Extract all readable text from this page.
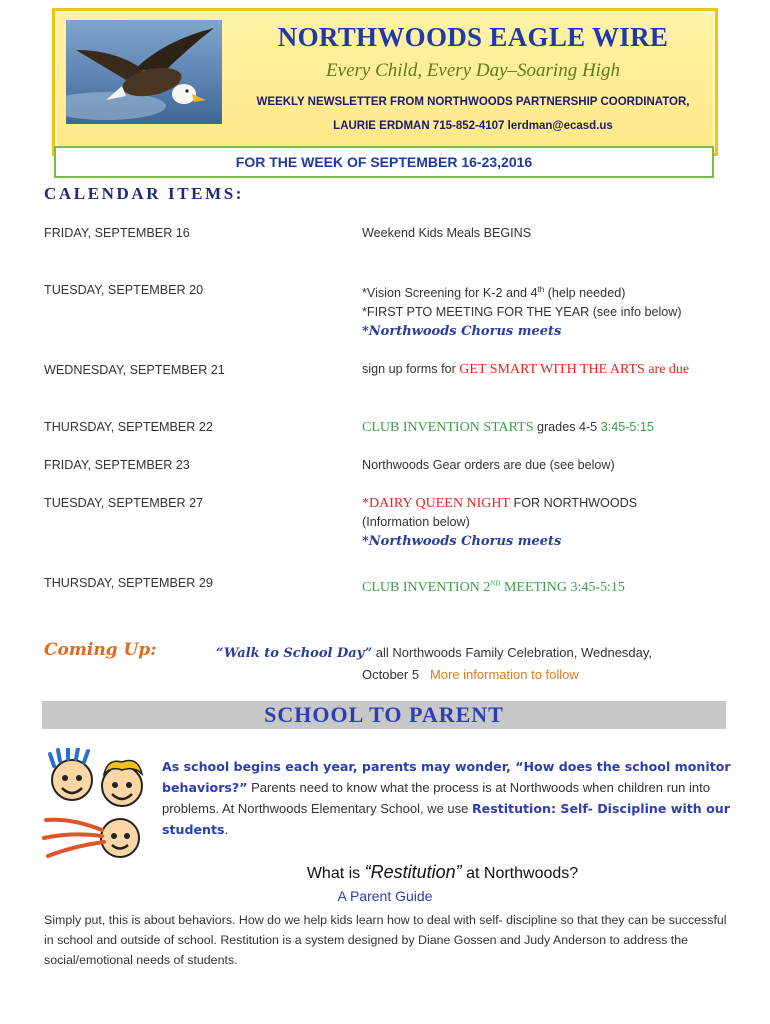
NORTHWOODS EAGLE WIRE
Every Child, Every Day–Soaring High
WEEKLY NEWSLETTER FROM NORTHWOODS PARTNERSHIP COORDINATOR,
LAURIE ERDMAN 715-852-4107 lerdman@ecasd.us
FOR THE WEEK OF SEPTEMBER 16-23,2016
CALENDAR ITEMS:
FRIDAY, SEPTEMBER 16	Weekend Kids Meals BEGINS
TUESDAY, SEPTEMBER 20	*Vision Screening for K-2 and 4th (help needed)
*FIRST PTO MEETING FOR THE YEAR (see info below)
*Northwoods Chorus meets
WEDNESDAY, SEPTEMBER 21	sign up forms for GET SMART WITH THE ARTS are due
THURSDAY, SEPTEMBER 22	CLUB INVENTION STARTS grades 4-5 3:45-5:15
FRIDAY, SEPTEMBER 23	Northwoods Gear orders are due (see below)
TUESDAY, SEPTEMBER 27	*DAIRY QUEEN NIGHT FOR NORTHWOODS
(Information below)
*Northwoods Chorus meets
THURSDAY, SEPTEMBER 29	CLUB INVENTION 2ND MEETING 3:45-5:15
Coming Up:	“Walk to School Day” all Northwoods Family Celebration, Wednesday,
October 5 More information to follow
SCHOOL TO PARENT
As school begins each year, parents may wonder, “How does the school monitor behaviors?” Parents need to know what the process is at Northwoods when children run into problems. At Northwoods Elementary School, we use Restitution: Self- Discipline with our students.
What is “Restitution” at Northwoods?
A Parent Guide
Simply put, this is about behaviors. How do we help kids learn how to deal with self- discipline so that they can be successful in school and outside of school. Restitution is a system designed by Diane Gossen and Judy Anderson to address the social/emotional needs of students.
